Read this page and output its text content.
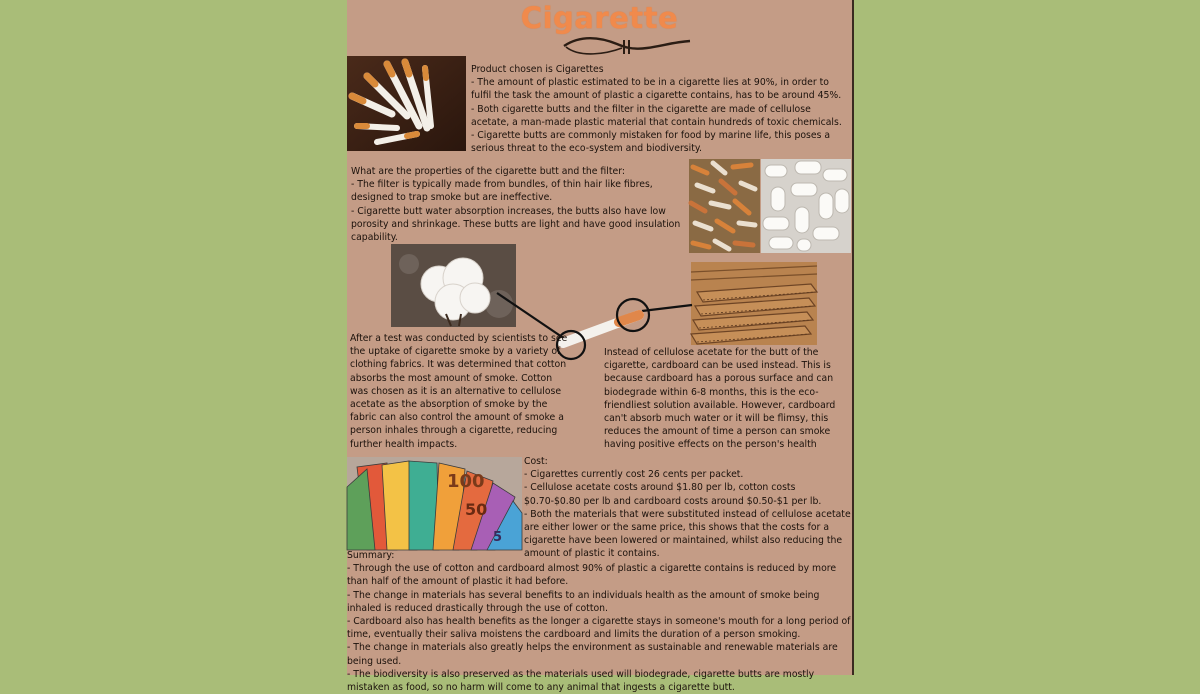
Cigarette

Product chosen is Cigarettes

- The amount of plastic estimated to be in a cigarette lies at 90%, in order to fulfil the task the amount of plastic a cigarette contains, has to be around 45%.

- Both cigarette butts and the filter in the cigarette are made of cellulose acetate, a man-made plastic material that contain hundreds of toxic chemicals.

- Cigarette butts are commonly mistaken for food by marine life, this poses a serious threat to the eco-system and biodiversity.

What are the properties of the cigarette butt and the filter:

- The filter is typically made from bundles, of thin hair like fibres, designed to trap smoke but are ineffective.

- Cigarette butt water absorption increases, the butts also have low porosity and shrinkage. These butts are light and have good insulation capability.

After a test was conducted by scientists to see the uptake of cigarette smoke by a variety of clothing fabrics. It was determined that cotton absorbs the most amount of smoke. Cotton was chosen as it is an alternative to cellulose acetate as the absorption of smoke by the fabric can also control the amount of smoke a person inhales through a cigarette, reducing further health impacts.

Instead of cellulose acetate for the butt of the cigarette, cardboard can be used instead. This is because cardboard has a porous surface and can biodegrade within 6-8 months, this is the eco-friendliest solution available. However, cardboard can't absorb much water or it will be flimsy, this reduces the amount of time a person can smoke having positive effects on the person's health

100
50
5

Cost:

- Cigarettes currently cost 26 cents per packet.

- Cellulose acetate costs around $1.80 per lb, cotton costs $0.70-$0.80 per lb and cardboard costs around $0.50-$1 per lb.

- Both the materials that were substituted instead of cellulose acetate are either lower or the same price, this shows that the costs for a cigarette have been lowered or maintained, whilst also reducing the amount of plastic it contains.

Summary:

- Through the use of cotton and cardboard almost 90% of plastic a cigarette contains is reduced by more than half of the amount of plastic it had before.

- The change in materials has several benefits to an individuals health as the amount of smoke being inhaled is reduced drastically through the use of cotton.

- Cardboard also has health benefits as the longer a cigarette stays in someone's mouth for a long period of time, eventually their saliva moistens the cardboard and limits the duration of a person smoking.

- The change in materials also greatly helps the environment as sustainable and renewable materials are being used.

- The biodiversity is also preserved as the materials used will biodegrade, cigarette butts are mostly mistaken as food, so no harm will come to any animal that ingests a cigarette butt.
